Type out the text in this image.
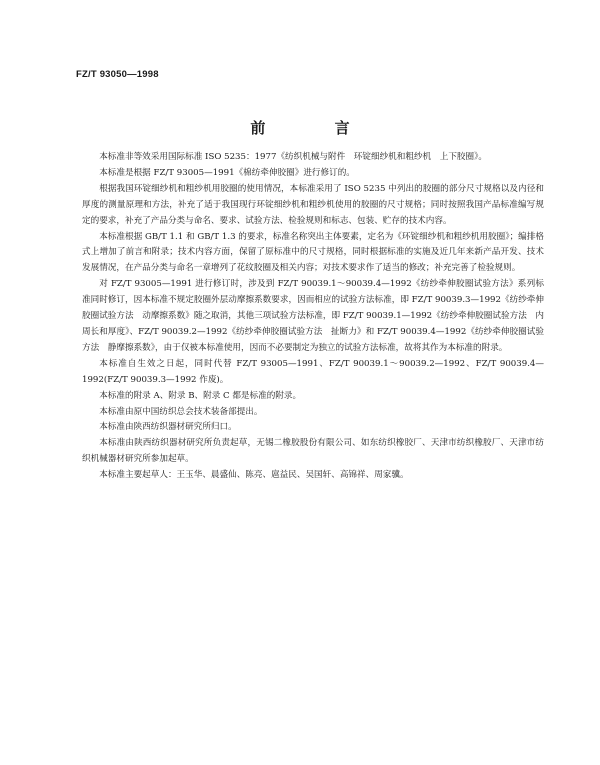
FZ/T 93050—1998
前 言

本标准非等效采用国际标准 ISO 5235：1977《纺织机械与附件　环锭细纱机和粗纱机　上下胶圈》。

本标准是根据 FZ/T 93005—1991《棉纺牵伸胶圈》进行修订的。

根据我国环锭细纱机和粗纱机用胶圈的使用情况，本标准采用了 ISO 5235 中列出的胶圈的部分尺寸规格以及内径和厚度的测量原理和方法，补充了适于我国现行环锭细纱机和粗纱机使用的胶圈的尺寸规格；同时按照我国产品标准编写规定的要求，补充了产品分类与命名、要求、试验方法、检验规则和标志、包装、贮存的技术内容。

本标准根据 GB/T 1.1 和 GB/T 1.3 的要求，标准名称突出主体要素，定名为《环锭细纱机和粗纱机用胶圈》；编排格式上增加了前言和附录；技术内容方面，保留了原标准中的尺寸规格，同时根据标准的实施及近几年来新产品开发、技术发展情况，在产品分类与命名一章增列了花纹胶圈及相关内容；对技术要求作了适当的修改；补充完善了检验规则。

对 FZ/T 93005—1991 进行修订时，涉及到 FZ/T 90039.1～90039.4—1992《纺纱牵伸胶圈试验方法》系列标准同时修订，因本标准不规定胶圈外层动摩擦系数要求，因而相应的试验方法标准，即 FZ/T 90039.3—1992《纺纱牵伸胶圈试验方法　动摩擦系数》随之取消，其他三项试验方法标准，即 FZ/T 90039.1—1992《纺纱牵伸胶圈试验方法　内周长和厚度》、FZ/T 90039.2—1992《纺纱牵伸胶圈试验方法　扯断力》和 FZ/T 90039.4—1992《纺纱牵伸胶圈试验方法　静摩擦系数》，由于仅被本标准使用，因而不必要制定为独立的试验方法标准，故将其作为本标准的附录。

本标准自生效之日起，同时代替 FZ/T 93005—1991、FZ/T 90039.1～90039.2—1992、FZ/T 90039.4—1992(FZ/T 90039.3—1992 作废)。

本标准的附录 A、附录 B、附录 C 都是标准的附录。

本标准由原中国纺织总会技术装备部提出。

本标准由陕西纺织器材研究所归口。

本标准由陕西纺织器材研究所负责起草，无锡二橡胶股份有限公司、如东纺织橡胶厂、天津市纺织橡胶厂、天津市纺织机械器材研究所参加起草。

本标准主要起草人：王玉华、晨盛仙、陈亮、扈益民、吴国轩、高锦祥、周家骥。
